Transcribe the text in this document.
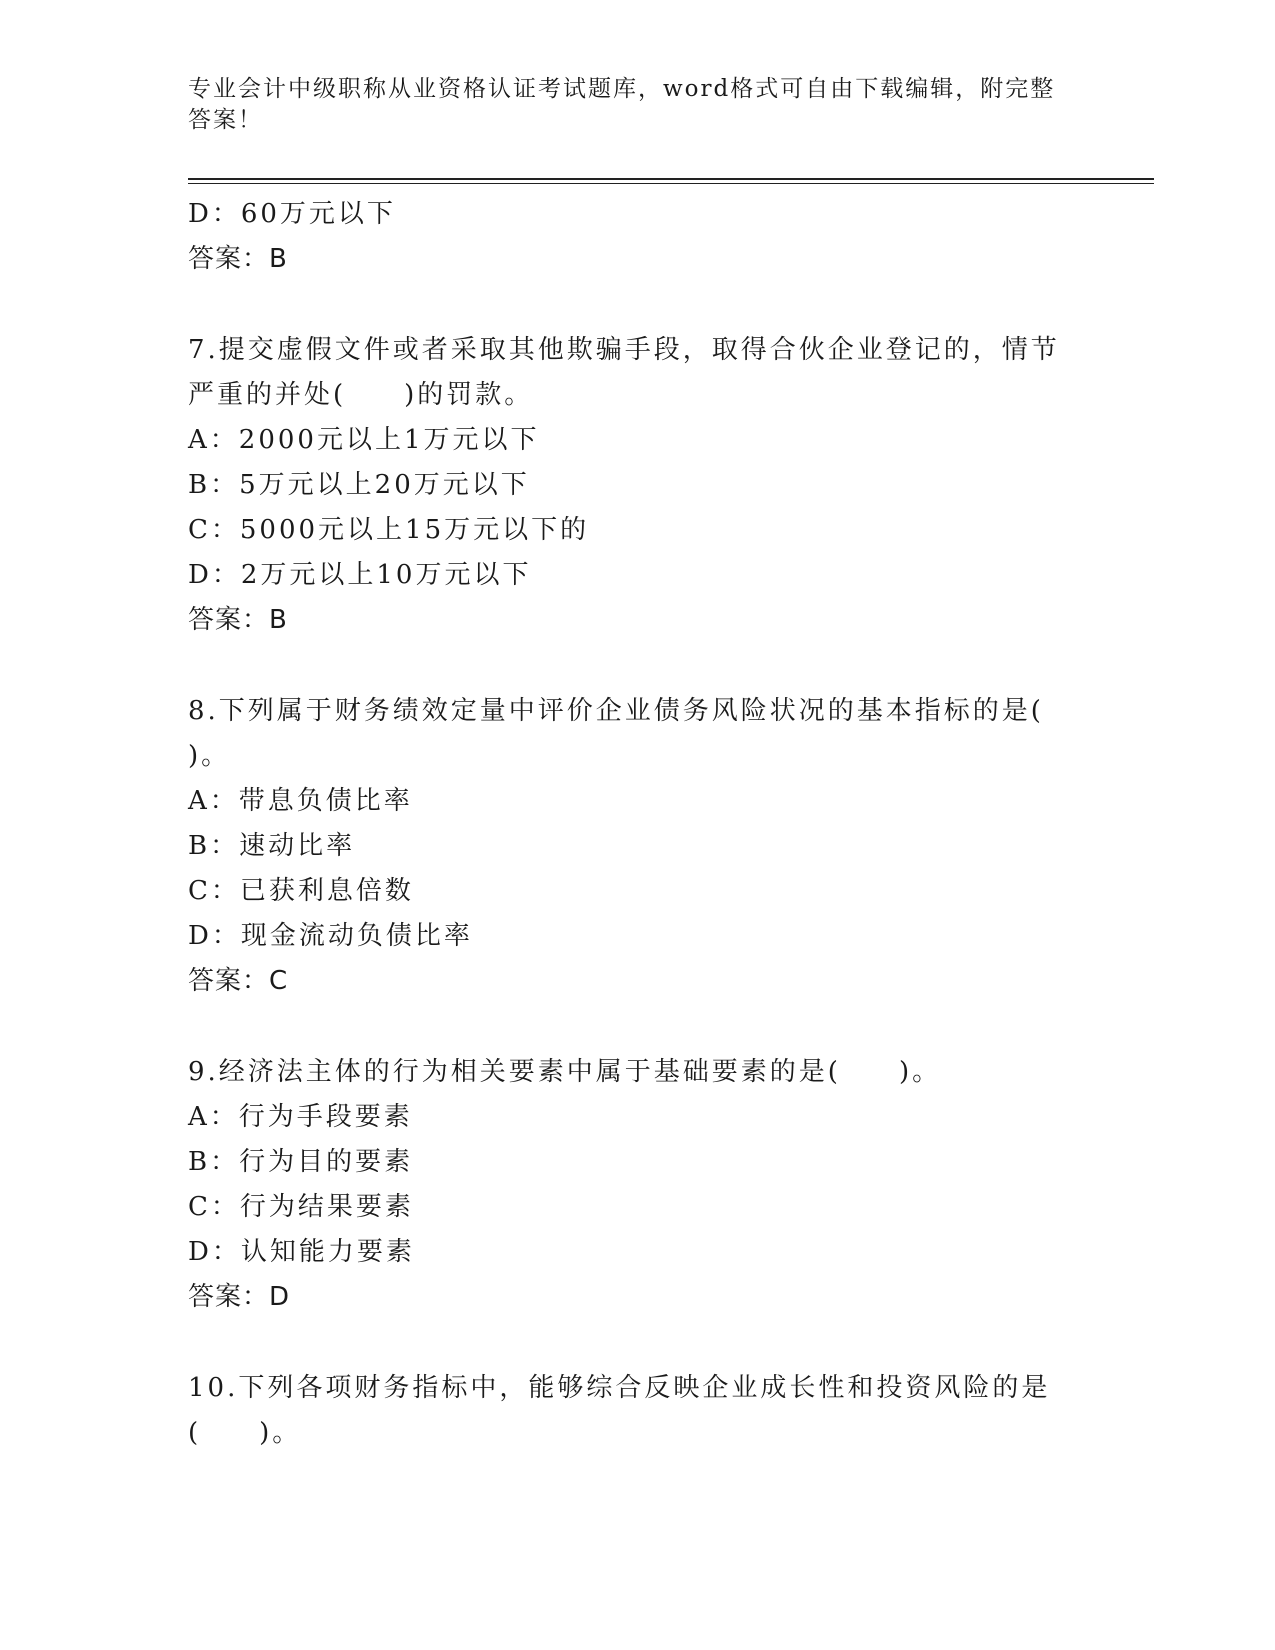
专业会计中级职称从业资格认证考试题库，word格式可自由下载编辑，附完整答案！
D：60万元以下
答案：B
7.提交虚假文件或者采取其他欺骗手段，取得合伙企业登记的，情节
严重的并处(　　)的罚款。
A：2000元以上1万元以下
B：5万元以上20万元以下
C：5000元以上15万元以下的
D：2万元以上10万元以下
答案：B
8.下列属于财务绩效定量中评价企业债务风险状况的基本指标的是(
)。
A：带息负债比率
B：速动比率
C：已获利息倍数
D：现金流动负债比率
答案：C
9.经济法主体的行为相关要素中属于基础要素的是(　　)。
A：行为手段要素
B：行为目的要素
C：行为结果要素
D：认知能力要素
答案：D
10.下列各项财务指标中，能够综合反映企业成长性和投资风险的是
(　　)。
